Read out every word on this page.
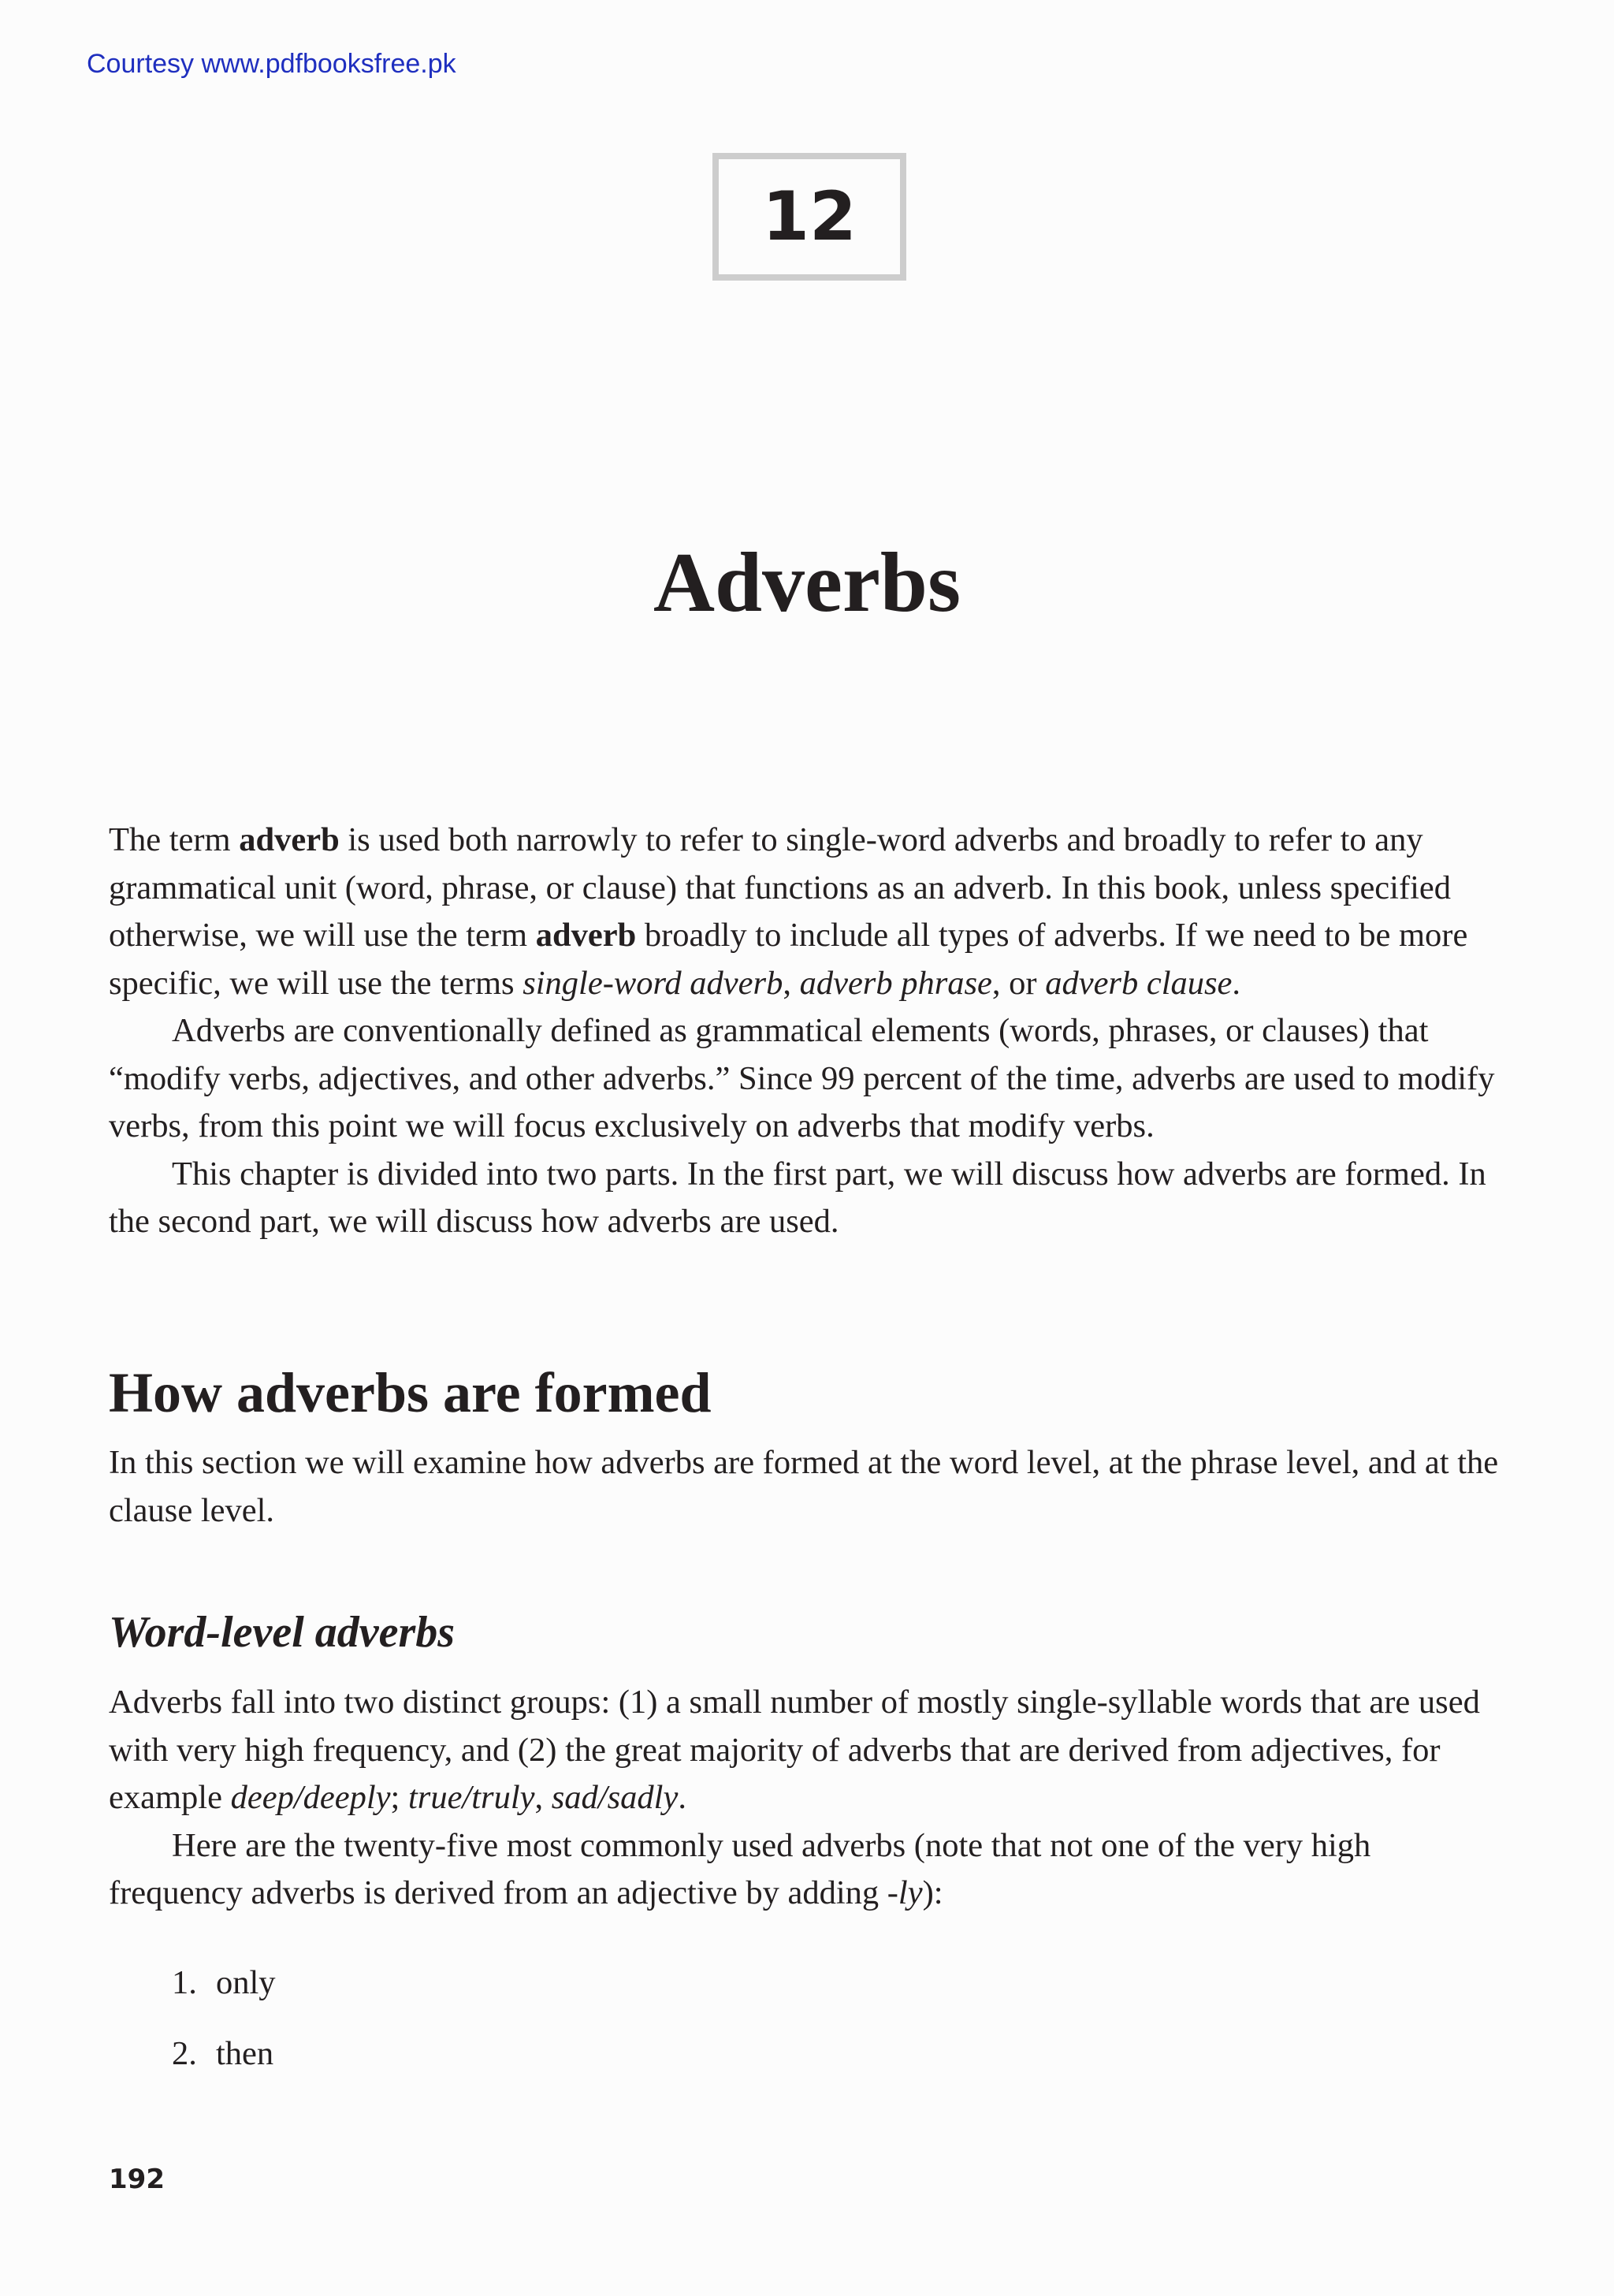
Courtesy www.pdfbooksfree.pk
12
Adverbs

The term adverb is used both narrowly to refer to single-word adverbs and broadly to refer to any grammatical unit (word, phrase, or clause) that functions as an adverb. In this book, unless specified otherwise, we will use the term adverb broadly to include all types of adverbs. If we need to be more specific, we will use the terms single-word adverb, adverb phrase, or adverb clause.

Adverbs are conventionally defined as grammatical elements (words, phrases, or clauses) that “modify verbs, adjectives, and other adverbs.” Since 99 percent of the time, adverbs are used to modify verbs, from this point we will focus exclusively on adverbs that modify verbs.

This chapter is divided into two parts. In the first part, we will discuss how adverbs are formed. In the second part, we will discuss how adverbs are used.

How adverbs are formed

In this section we will examine how adverbs are formed at the word level, at the phrase level, and at the clause level.

Word-level adverbs

Adverbs fall into two distinct groups: (1) a small number of mostly single-syllable words that are used with very high frequency, and (2) the great majority of adverbs that are derived from adjectives, for example deep/deeply; true/truly, sad/sadly.

Here are the twenty-five most commonly used adverbs (note that not one of the very high frequency adverbs is derived from an adjective by adding -ly):

1. only
2. then
192
